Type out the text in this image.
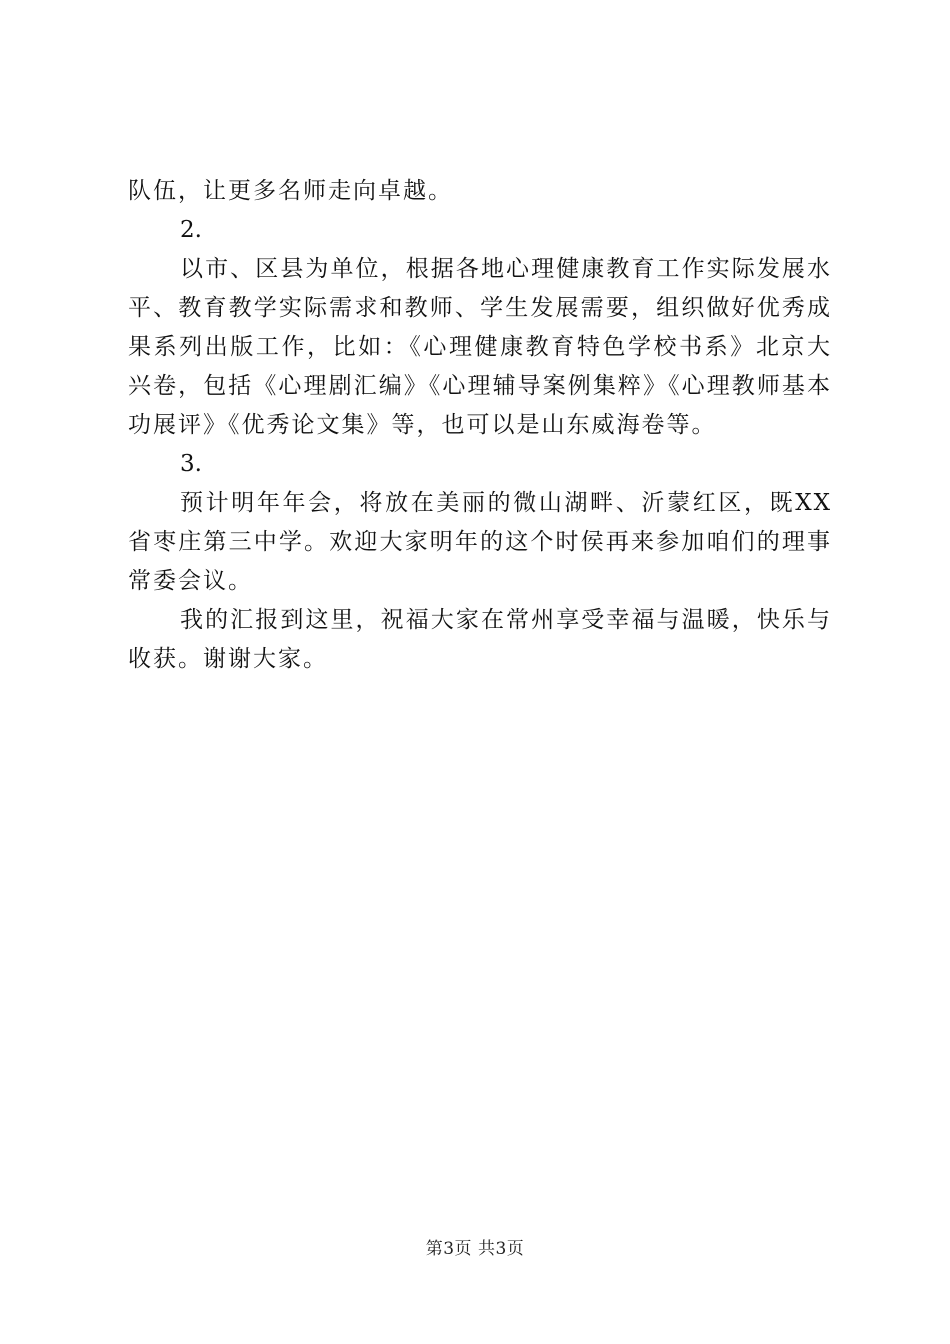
队伍，让更多名师走向卓越。

2.

以市、区县为单位，根据各地心理健康教育工作实际发展水平、教育教学实际需求和教师、学生发展需要，组织做好优秀成果系列出版工作，比如：《心理健康教育特色学校书系》北京大兴卷，包括《心理剧汇编》《心理辅导案例集粹》《心理教师基本功展评》《优秀论文集》等，也可以是山东威海卷等。

3.

预计明年年会，将放在美丽的微山湖畔、沂蒙红区，既XX省枣庄第三中学。欢迎大家明年的这个时侯再来参加咱们的理事常委会议。

我的汇报到这里，祝福大家在常州享受幸福与温暖，快乐与收获。谢谢大家。

第3页 共3页
